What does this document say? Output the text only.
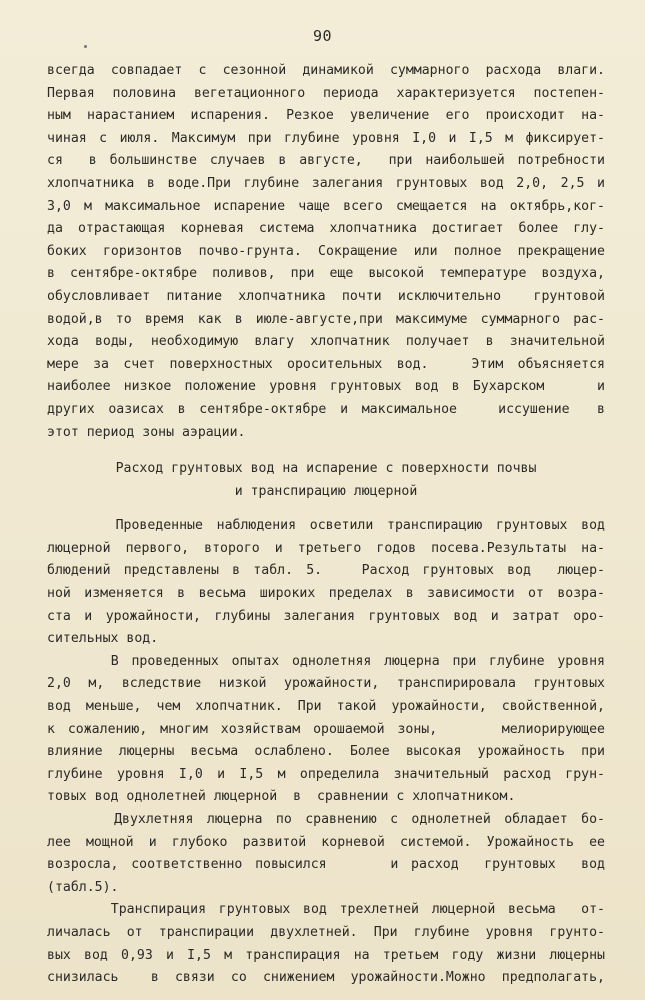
90
всегда совпадает с сезонной динамикой суммарного расхода влаги.
Первая половина вегетационного периода характеризуется постепен-
ным нарастанием испарения. Резкое увеличение его происходит на-
чиная с июля. Максимум при глубине уровня I,0 и I,5 м фиксирует-
ся  в большинстве случаев в августе,  при наибольшей потребности
хлопчатника в воде.При глубине залегания грунтовых вод 2,0, 2,5 и
3,0 м максимальное испарение чаще всего смещается на октябрь,ког-
да отрастающая корневая система хлопчатника достигает более глу-
боких горизонтов почво-грунта. Сокращение или полное прекращение
в сентябре-октябре поливов, при еще высокой температуре воздуха,
обусловливает питание хлопчатника почти исключительно  грунтовой
водой,в то время как в июле-августе,при максимуме суммарного рас-
хода воды, необходимую влагу хлопчатник получает в значительной
мере за счет поверхностных оросительных вод.   Этим объясняется
наиболее низкое положение уровня грунтовых вод в Бухарском    и
других оазисах в сентябре-октябре и максимальное   иссушение  в
этот период зоны аэрации.
Расход грунтовых вод на испарение с поверхности почвы
и транспирацию люцерной
Проведенные наблюдения осветили транспирацию грунтовых вод
люцерной первого, второго и третьего годов посева.Результаты на-
блюдений представлены в табл. 5.   Расход грунтовых вод  люцер-
ной изменяется в весьма широких пределах в зависимости от возра-
ста и урожайности, глубины залегания грунтовых вод и затрат оро-
сительных вод.
В проведенных опытах однолетняя люцерна при глубине уровня
2,0 м, вследствие низкой урожайности, транспирировала грунтовых
вод меньше, чем хлопчатник. При такой урожайности, свойственной,
к сожалению, многим хозяйствам орошаемой зоны,     мелиорирующее
влияние люцерны весьма ослаблено. Более высокая урожайность при
глубине уровня I,0 и I,5 м определила значительный расход грун-
товых вод однолетней люцерной  в  сравнении с хлопчатником.
Двухлетняя люцерна по сравнению с однолетней обладает бо-
лее мощной и глубоко развитой корневой системой. Урожайность ее
возросла, соответственно повысился     и расход  грунтовых  вод
(табл.5).
Транспирация грунтовых вод трехлетней люцерной весьма  от-
личалась от транспирации двухлетней. При глубине уровня грунто-
вых вод 0,93 и I,5 м транспирация на третьем году жизни люцерны
снизилась  в связи со снижением урожайности.Можно предполагать,
